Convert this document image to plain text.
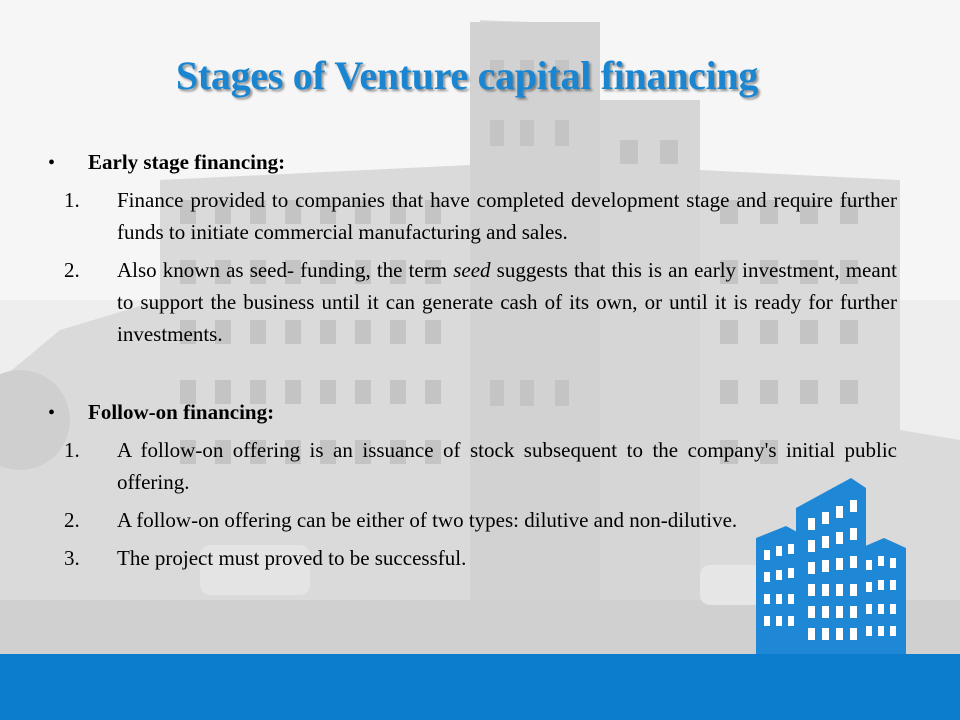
Stages of Venture capital financing
• Early stage financing:
1. Finance provided to companies that have completed development stage and require further funds to initiate commercial manufacturing and sales.
2. Also known as seed- funding, the term seed suggests that this is an early investment, meant to support the business until it can generate cash of its own, or until it is ready for further investments.
• Follow-on financing:
1. A follow-on offering is an issuance of stock subsequent to the company's initial public offering.
2. A follow-on offering can be either of two types: dilutive and non-dilutive.
3. The project must proved to be successful.
